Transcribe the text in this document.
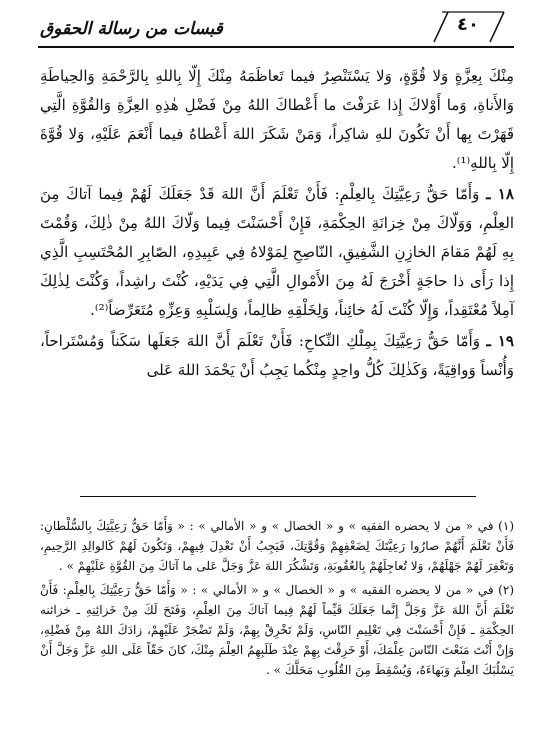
٤٠
قبسات من رسالة الحقوق

مِنْكَ بِعِزَّةٍ وَلا قُوَّةٍ، وَلا يَسْتَنْصِرُ فيما تَعاظَمَهُ مِنْكَ إِلّا بِاللهِ بِالرَّحْمَةِ وَالحِياطَةِ وَالأَناةِ، وَما أَوْلاكَ إِذا عَرَفْتَ ما أَعْطاكَ اللهُ مِنْ فَضْلِ هٰذِهِ العِزَّةِ وَالقُوَّةِ الَّتِي قَهَرْتَ بِها أَنْ تَكُونَ للهِ شاكِراً، وَمَنْ شَكَرَ اللهَ أَعْطاهُ فيما أَنْعَمَ عَلَيْهِ، وَلا قُوَّةَ إِلّا بِاللهِ⁽¹⁾.

١٨ ـ وَأَمّا حَقُّ رَعِيَّتِكَ بِالعِلْمِ: فَأَنْ تَعْلَمَ أَنَّ اللهَ قَدْ جَعَلَكَ لَهُمْ فِيما آتاكَ مِنَ العِلْمِ، وَوَلّاكَ مِنْ خِزانَةِ الحِكْمَةِ، فَإِنْ أَحْسَنْتَ فِيما وَلّاكَ اللهُ مِنْ ذٰلِكَ، وَقُمْتَ بِهِ لَهُمْ مَقامَ الخازِنِ الشَّفِيقِ، النّاصِحِ لِمَوْلاهُ فِي عَبِيدِهِ، الصّابِرِ المُحْتَسِبِ الَّذِي إِذا رَأَى ذا حاجَةٍ أَخْرَجَ لَهُ مِنَ الأَمْوالِ الَّتِي فِي يَدَيْهِ، كُنْتَ راشِداً، وَكُنْتَ لِذٰلِكَ آمِلاً مُعْتَقِداً، وَإِلّا كُنْتَ لَهُ خائِناً، وَلِخَلْقِهِ ظالِماً، وَلِسَلْبِهِ وَعِزِّهِ مُتَعَرِّضاً⁽²⁾.

١٩ ـ وَأَمّا حَقُّ رَعِيَّتِكَ بِمِلْكِ النِّكاحِ: فَأَنْ تَعْلَمَ أَنَّ اللهَ جَعَلَها سَكَناً وَمُسْتَراحاً، وَأُنْساً وَواقِيَةً، وَكَذٰلِكَ كُلُّ واحِدٍ مِنْكُما يَجِبُ أَنْ يَحْمَدَ اللهَ عَلى

(١) في « من لا يحضره الفقيه » و « الخصال » و « الأمالي » : « وَأَمّا حَقُّ رَعِيَّتِكَ بِالسُّلْطانِ: فَأَنْ تَعْلَمَ أَنَّهُمْ صارُوا رَعِيَّتَكَ لِضَعْفِهِمْ وَقُوَّتِكَ، فَيَجِبُ أَنْ تَعْدِلَ فِيهِمْ، وَتَكُونَ لَهُمْ كَالوالِدِ الرَّحِيمِ، وَتَغْفِرَ لَهُمْ جَهْلَهُمْ، وَلا تُعاجِلَهُمْ بِالعُقُوبَةِ، وَتَشْكُرَ اللهَ عَزَّ وَجَلَّ عَلى ما آتاكَ مِنَ القُوَّةِ عَلَيْهِمْ » .

(٢) في « من لا يحضره الفقيه » و « الخصال » و « الأمالي » : « وَأَمّا حَقُّ رَعِيَّتِكَ بِالعِلْمِ: فَأَنْ تَعْلَمَ أَنَّ اللهَ عَزَّ وَجَلَّ إِنَّما جَعَلَكَ قَيِّماً لَهُمْ فِيما آتاكَ مِنَ العِلْمِ، وَفَتَحَ لَكَ مِنْ خَزائِنِهِ ـ خزائنه الحِكْمَةِ ـ فَإِنْ أَحْسَنْتَ فِي تَعْلِيمِ النّاسِ، وَلَمْ تَخْرِقْ بِهِمْ، وَلَمْ تَضْجَرْ عَلَيْهِمْ، زادَكَ اللهُ مِنْ فَضْلِهِ، وَإِنْ أَنْتَ مَنَعْتَ النّاسَ عِلْمَكَ، أَوْ خَرِقْتَ بِهِمْ عِنْدَ طَلَبِهِمُ العِلْمَ مِنْكَ، كانَ حَقّاً عَلَى اللهِ عَزَّ وَجَلَّ أَنْ يَسْلُبَكَ العِلْمَ وَبَهاءَهُ، وَيُسْقِطَ مِنَ القُلُوبِ مَحَلَّكَ » .
